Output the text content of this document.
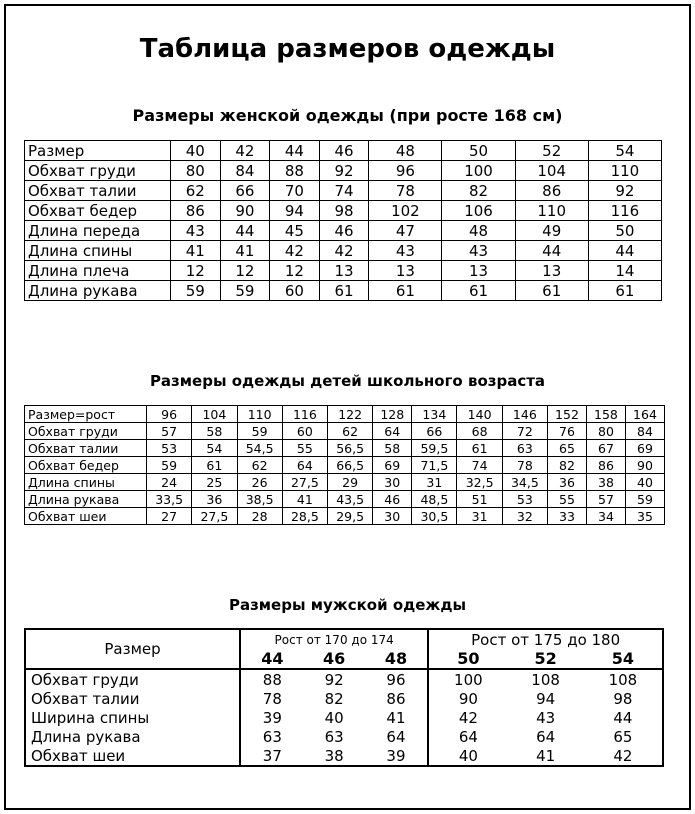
Таблица размеров одежды
Размеры женской одежды (при росте 168 см)
Размер	40	42	44	46	48	50	52	54
Обхват груди	80	84	88	92	96	100	104	110
Обхват талии	62	66	70	74	78	82	86	92
Обхват бедер	86	90	94	98	102	106	110	116
Длина переда	43	44	45	46	47	48	49	50
Длина спины	41	41	42	42	43	43	44	44
Длина плеча	12	12	12	13	13	13	13	14
Длина рукава	59	59	60	61	61	61	61	61
Размеры одежды детей школьного возраста
Размер=рост	96	104	110	116	122	128	134	140	146	152	158	164
Обхват груди	57	58	59	60	62	64	66	68	72	76	80	84
Обхват талии	53	54	54,5	55	56,5	58	59,5	61	63	65	67	69
Обхват бедер	59	61	62	64	66,5	69	71,5	74	78	82	86	90
Длина спины	24	25	26	27,5	29	30	31	32,5	34,5	36	38	40
Длина рукава	33,5	36	38,5	41	43,5	46	48,5	51	53	55	57	59
Обхват шеи	27	27,5	28	28,5	29,5	30	30,5	31	32	33	34	35
Размеры мужской одежды
Размер	Рост от 170 до 174			Рост от 175 до 180		
	44	46	48	50	52	54
Обхват груди	88	92	96	100	108	108
Обхват талии	78	82	86	90	94	98
Ширина спины	39	40	41	42	43	44
Длина рукава	63	63	64	64	64	65
Обхват шеи	37	38	39	40	41	42
